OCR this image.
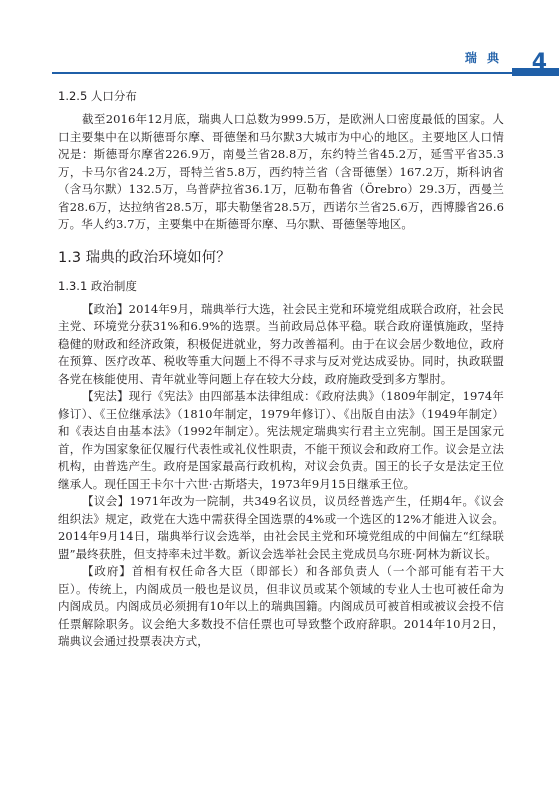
瑞 典 4
1.2.5 人口分布

截至2016年12月底，瑞典人口总数为999.5万，是欧洲人口密度最低的国家。人口主要集中在以斯德哥尔摩、哥德堡和马尔默3大城市为中心的地区。主要地区人口情况是：斯德哥尔摩省226.9万，南曼兰省28.8万，东约特兰省45.2万，延雪平省35.3万，卡马尔省24.2万，哥特兰省5.8万，西约特兰省（含哥德堡）167.2万，斯科讷省（含马尔默）132.5万，乌普萨拉省36.1万，厄勒布鲁省（Örebro）29.3万，西曼兰省28.6万，达拉纳省28.5万，耶夫勒堡省28.5万，西诺尔兰省25.6万，西博滕省26.6万。华人约3.7万，主要集中在斯德哥尔摩、马尔默、哥德堡等地区。

1.3 瑞典的政治环境如何？
1.3.1 政治制度

【政治】2014年9月，瑞典举行大选，社会民主党和环境党组成联合政府，社会民主党、环境党分获31%和6.9%的选票。当前政局总体平稳。联合政府谨慎施政，坚持稳健的财政和经济政策，积极促进就业，努力改善福利。由于在议会居少数地位，政府在预算、医疗改革、税收等重大问题上不得不寻求与反对党达成妥协。同时，执政联盟各党在核能使用、青年就业等问题上存在较大分歧，政府施政受到多方掣肘。

【宪法】现行《宪法》由四部基本法律组成：《政府法典》（1809年制定，1974年修订）、《王位继承法》（1810年制定，1979年修订）、《出版自由法》（1949年制定）和《表达自由基本法》（1992年制定）。宪法规定瑞典实行君主立宪制。国王是国家元首，作为国家象征仅履行代表性或礼仪性职责，不能干预议会和政府工作。议会是立法机构，由普选产生。政府是国家最高行政机构，对议会负责。国王的长子女是法定王位继承人。现任国王卡尔十六世·古斯塔夫，1973年9月15日继承王位。

【议会】1971年改为一院制，共349名议员，议员经普选产生，任期4年。《议会组织法》规定，政党在大选中需获得全国选票的4%或一个选区的12%才能进入议会。2014年9月14日，瑞典举行议会选举，由社会民主党和环境党组成的中间偏左“红绿联盟”最终获胜，但支持率未过半数。新议会选举社会民主党成员乌尔班·阿林为新议长。

【政府】首相有权任命各大臣（即部长）和各部负责人（一个部可能有若干大臣）。传统上，内阁成员一般也是议员，但非议员或某个领域的专业人士也可被任命为内阁成员。内阁成员必须拥有10年以上的瑞典国籍。内阁成员可被首相或被议会投不信任票解除职务。议会绝大多数投不信任票也可导致整个政府辞职。2014年10月2日，瑞典议会通过投票表决方式，
